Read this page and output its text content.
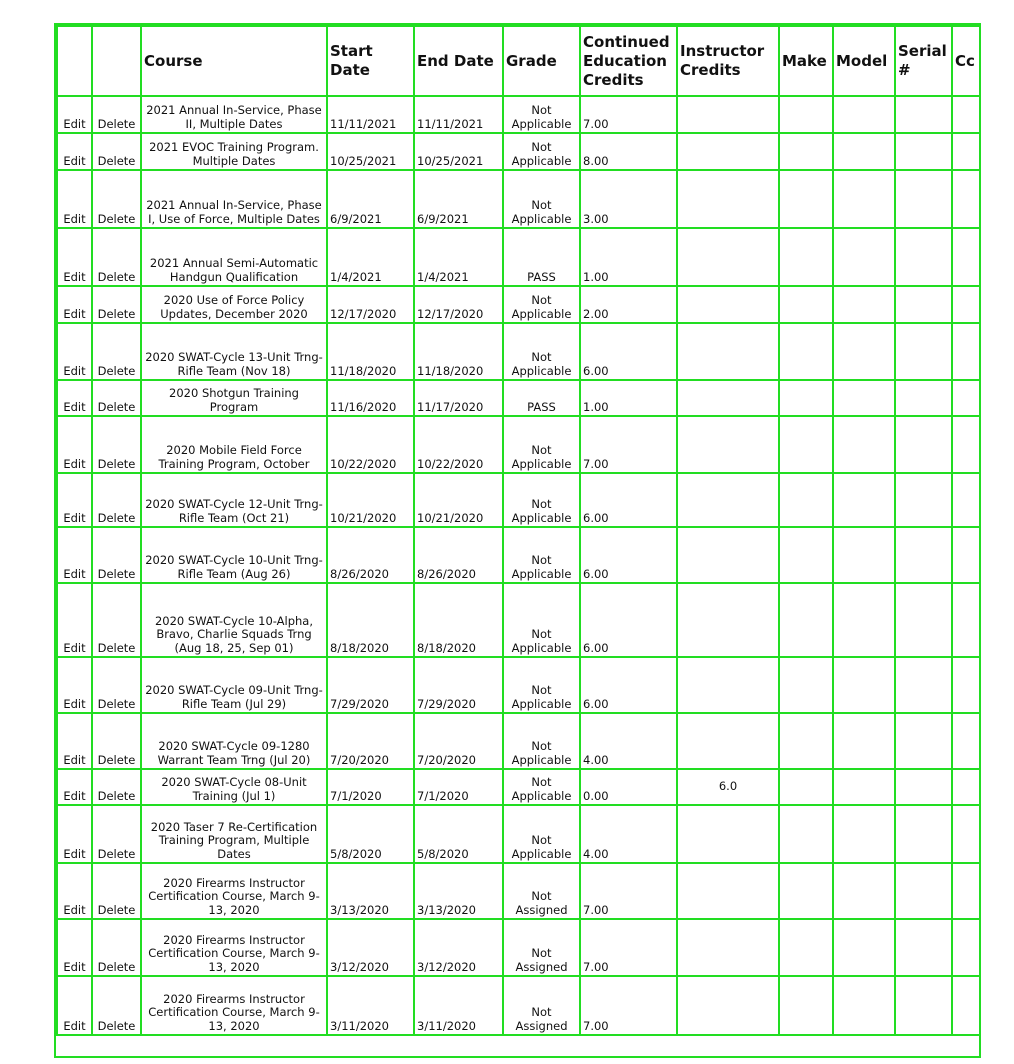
		Course	Start Date	End Date	Grade	Continued Education Credits	Instructor Credits	Make	Model	Serial #	Cc
Edit	Delete	2021 Annual In-Service, Phase II, Multiple Dates	11/11/2021	11/11/2021	Not Applicable	7.00					
Edit	Delete	2021 EVOC Training Program. Multiple Dates	10/25/2021	10/25/2021	Not Applicable	8.00					
Edit	Delete	2021 Annual In-Service, Phase I, Use of Force, Multiple Dates	6/9/2021	6/9/2021	Not Applicable	3.00					
Edit	Delete	2021 Annual Semi-Automatic Handgun Qualification	1/4/2021	1/4/2021	PASS	1.00					
Edit	Delete	2020 Use of Force Policy Updates, December 2020	12/17/2020	12/17/2020	Not Applicable	2.00					
Edit	Delete	2020 SWAT-Cycle 13-Unit Trng-Rifle Team (Nov 18)	11/18/2020	11/18/2020	Not Applicable	6.00					
Edit	Delete	2020 Shotgun Training Program	11/16/2020	11/17/2020	PASS	1.00					
Edit	Delete	2020 Mobile Field Force Training Program, October	10/22/2020	10/22/2020	Not Applicable	7.00					
Edit	Delete	2020 SWAT-Cycle 12-Unit Trng-Rifle Team (Oct 21)	10/21/2020	10/21/2020	Not Applicable	6.00					
Edit	Delete	2020 SWAT-Cycle 10-Unit Trng-Rifle Team (Aug 26)	8/26/2020	8/26/2020	Not Applicable	6.00					
Edit	Delete	2020 SWAT-Cycle 10-Alpha, Bravo, Charlie Squads Trng (Aug 18, 25, Sep 01)	8/18/2020	8/18/2020	Not Applicable	6.00					
Edit	Delete	2020 SWAT-Cycle 09-Unit Trng-Rifle Team (Jul 29)	7/29/2020	7/29/2020	Not Applicable	6.00					
Edit	Delete	2020 SWAT-Cycle 09-1280 Warrant Team Trng (Jul 20)	7/20/2020	7/20/2020	Not Applicable	4.00					
Edit	Delete	2020 SWAT-Cycle 08-Unit Training (Jul 1)	7/1/2020	7/1/2020	Not Applicable	0.00	6.0				
Edit	Delete	2020 Taser 7 Re-Certification Training Program, Multiple Dates	5/8/2020	5/8/2020	Not Applicable	4.00					
Edit	Delete	2020 Firearms Instructor Certification Course, March 9-13, 2020	3/13/2020	3/13/2020	Not Assigned	7.00					
Edit	Delete	2020 Firearms Instructor Certification Course, March 9-13, 2020	3/12/2020	3/12/2020	Not Assigned	7.00					
Edit	Delete	2020 Firearms Instructor Certification Course, March 9-13, 2020	3/11/2020	3/11/2020	Not Assigned	7.00					
